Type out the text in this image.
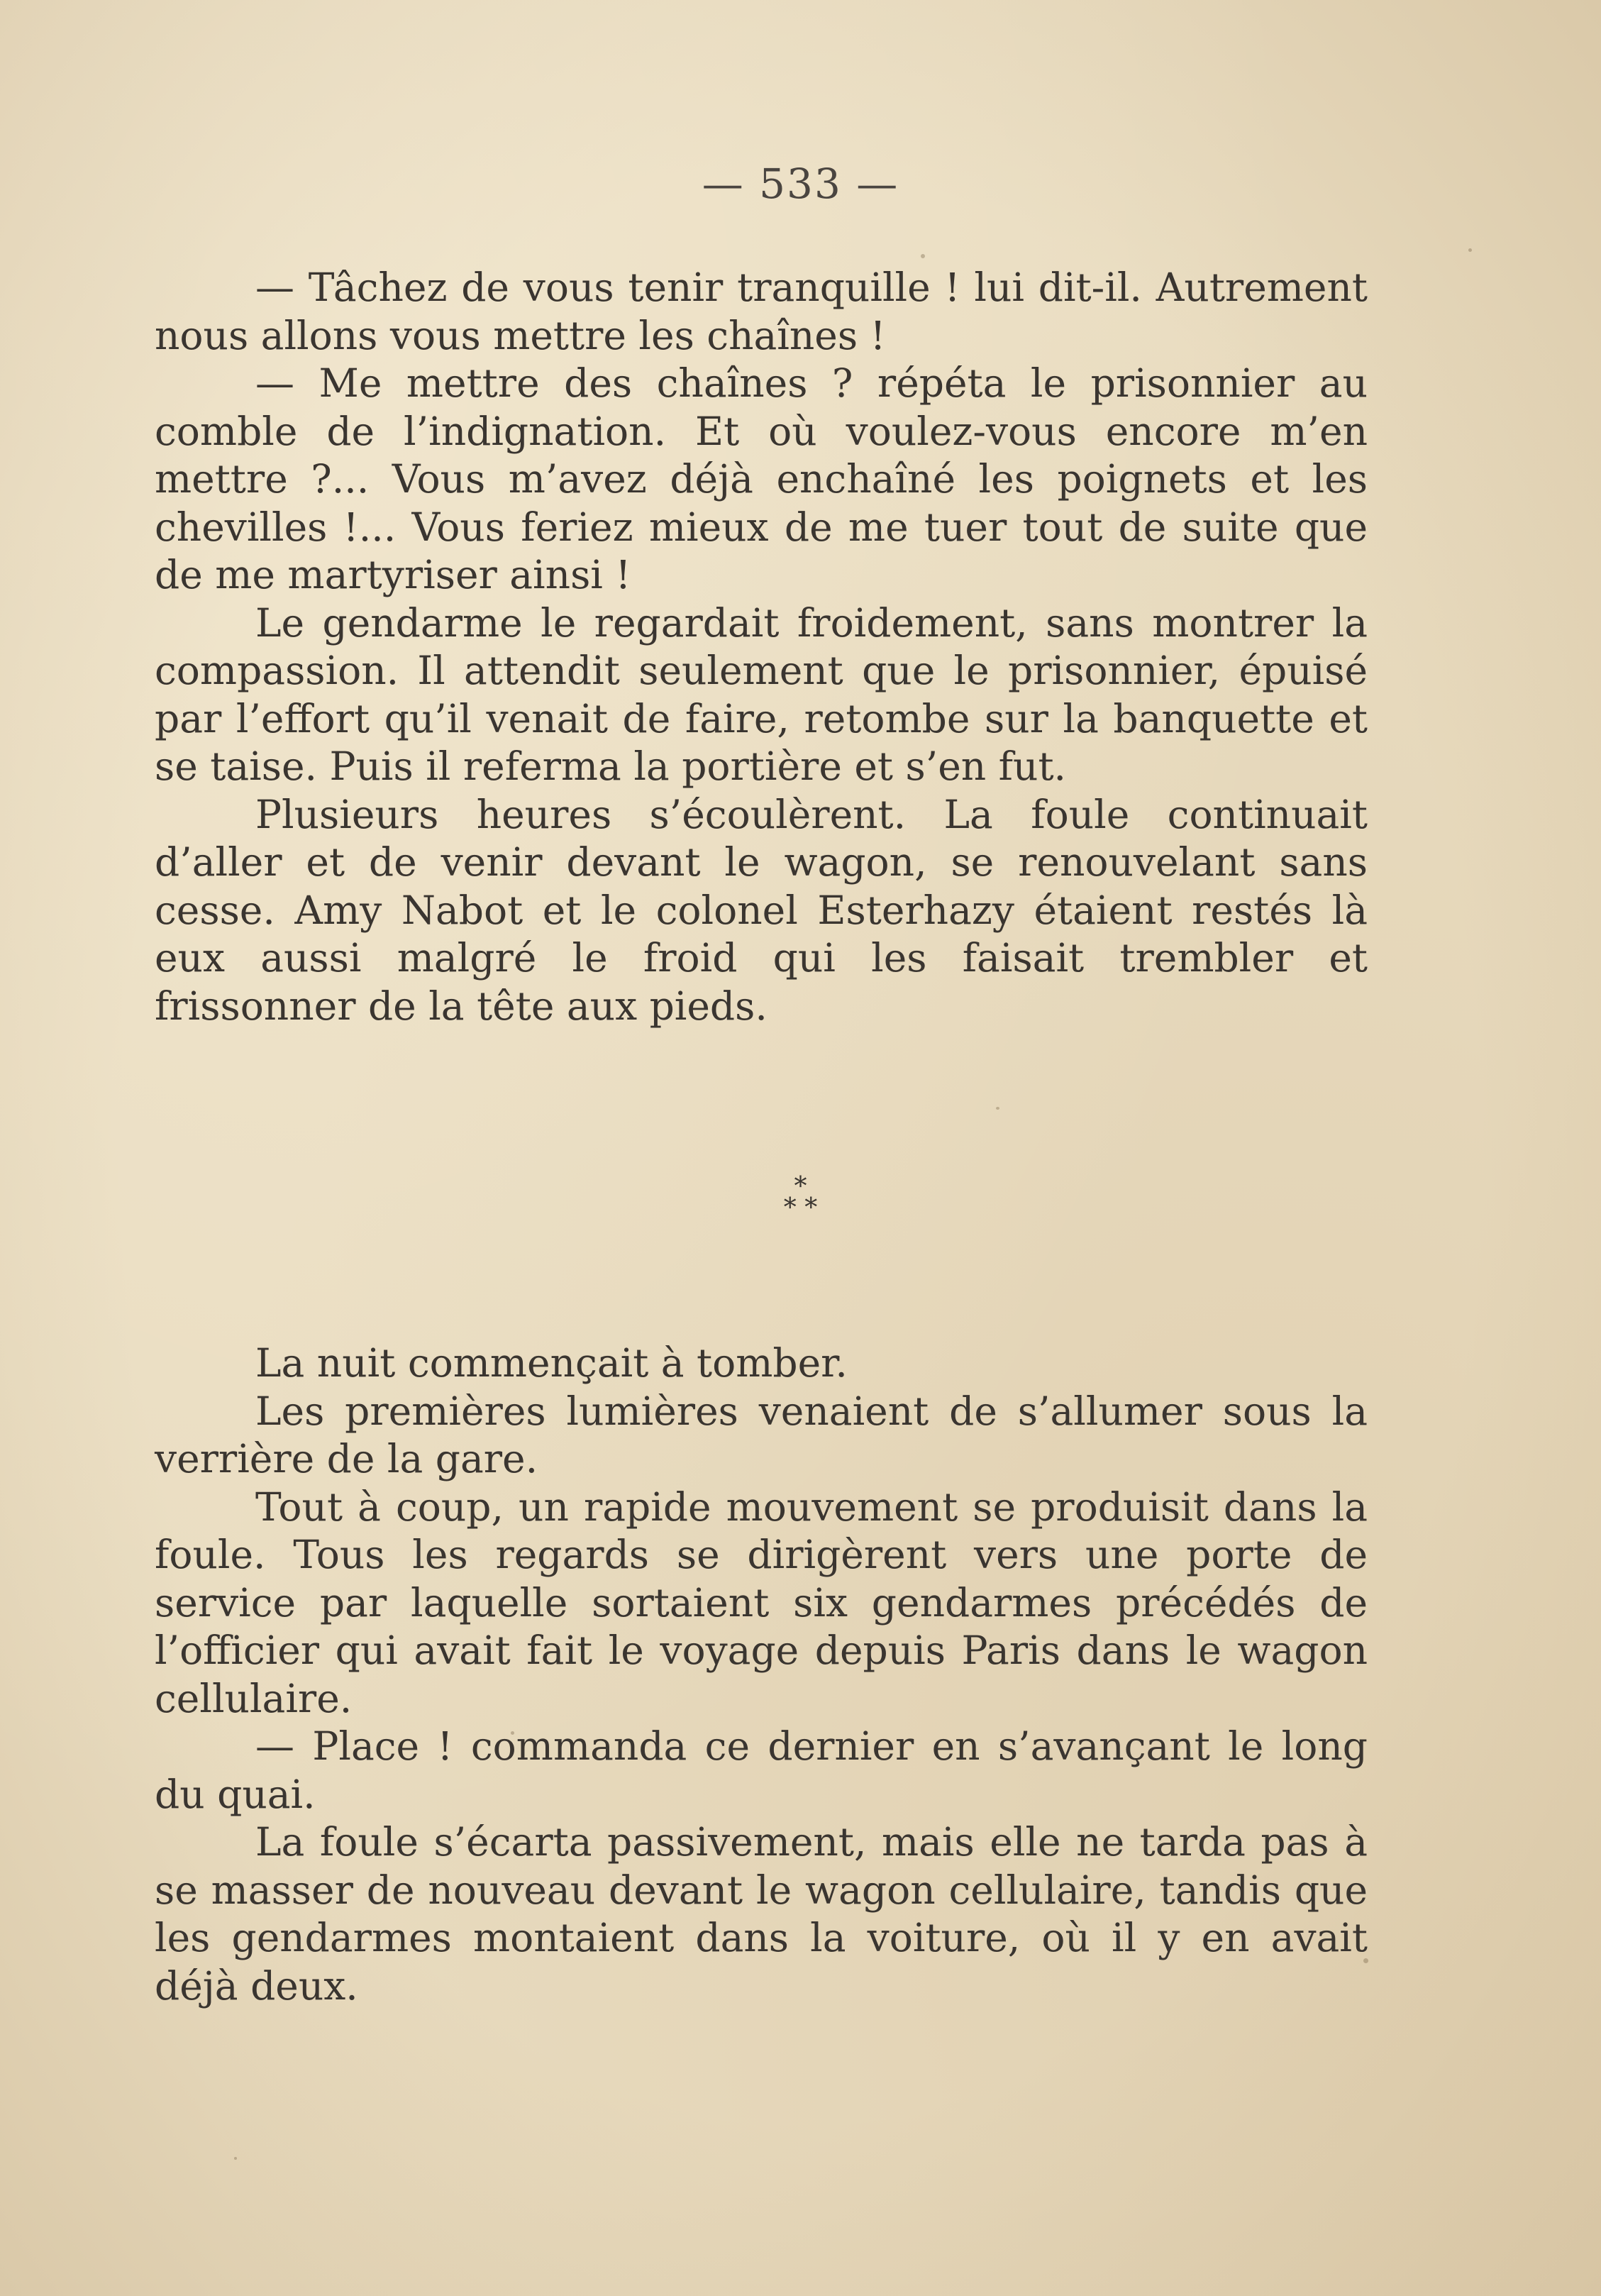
— 533 —

— Tâchez de vous tenir tranquille ! lui dit-il. Autrement nous allons vous mettre les chaînes !

— Me mettre des chaînes ? répéta le prisonnier au comble de l’indignation. Et où voulez-vous encore m’en mettre ?... Vous m’avez déjà enchaîné les poignets et les chevilles !... Vous feriez mieux de me tuer tout de suite que de me martyriser ainsi !

Le gendarme le regardait froidement, sans montrer la compassion. Il attendit seulement que le prisonnier, épuisé par l’effort qu’il venait de faire, retombe sur la banquette et se taise. Puis il referma la portière et s’en fut.

Plusieurs heures s’écoulèrent. La foule continuait d’aller et de venir devant le wagon, se renouvelant sans cesse. Amy Nabot et le colonel Esterhazy étaient restés là eux aussi malgré le froid qui les faisait trembler et frissonner de la tête aux pieds.

*
* *

La nuit commençait à tomber.

Les premières lumières venaient de s’allumer sous la verrière de la gare.

Tout à coup, un rapide mouvement se produisit dans la foule. Tous les regards se dirigèrent vers une porte de service par laquelle sortaient six gendarmes précédés de l’officier qui avait fait le voyage depuis Paris dans le wagon cellulaire.

— Place ! commanda ce dernier en s’avançant le long du quai.

La foule s’écarta passivement, mais elle ne tarda pas à se masser de nouveau devant le wagon cellulaire, tandis que les gendarmes montaient dans la voiture, où il y en avait déjà deux.
